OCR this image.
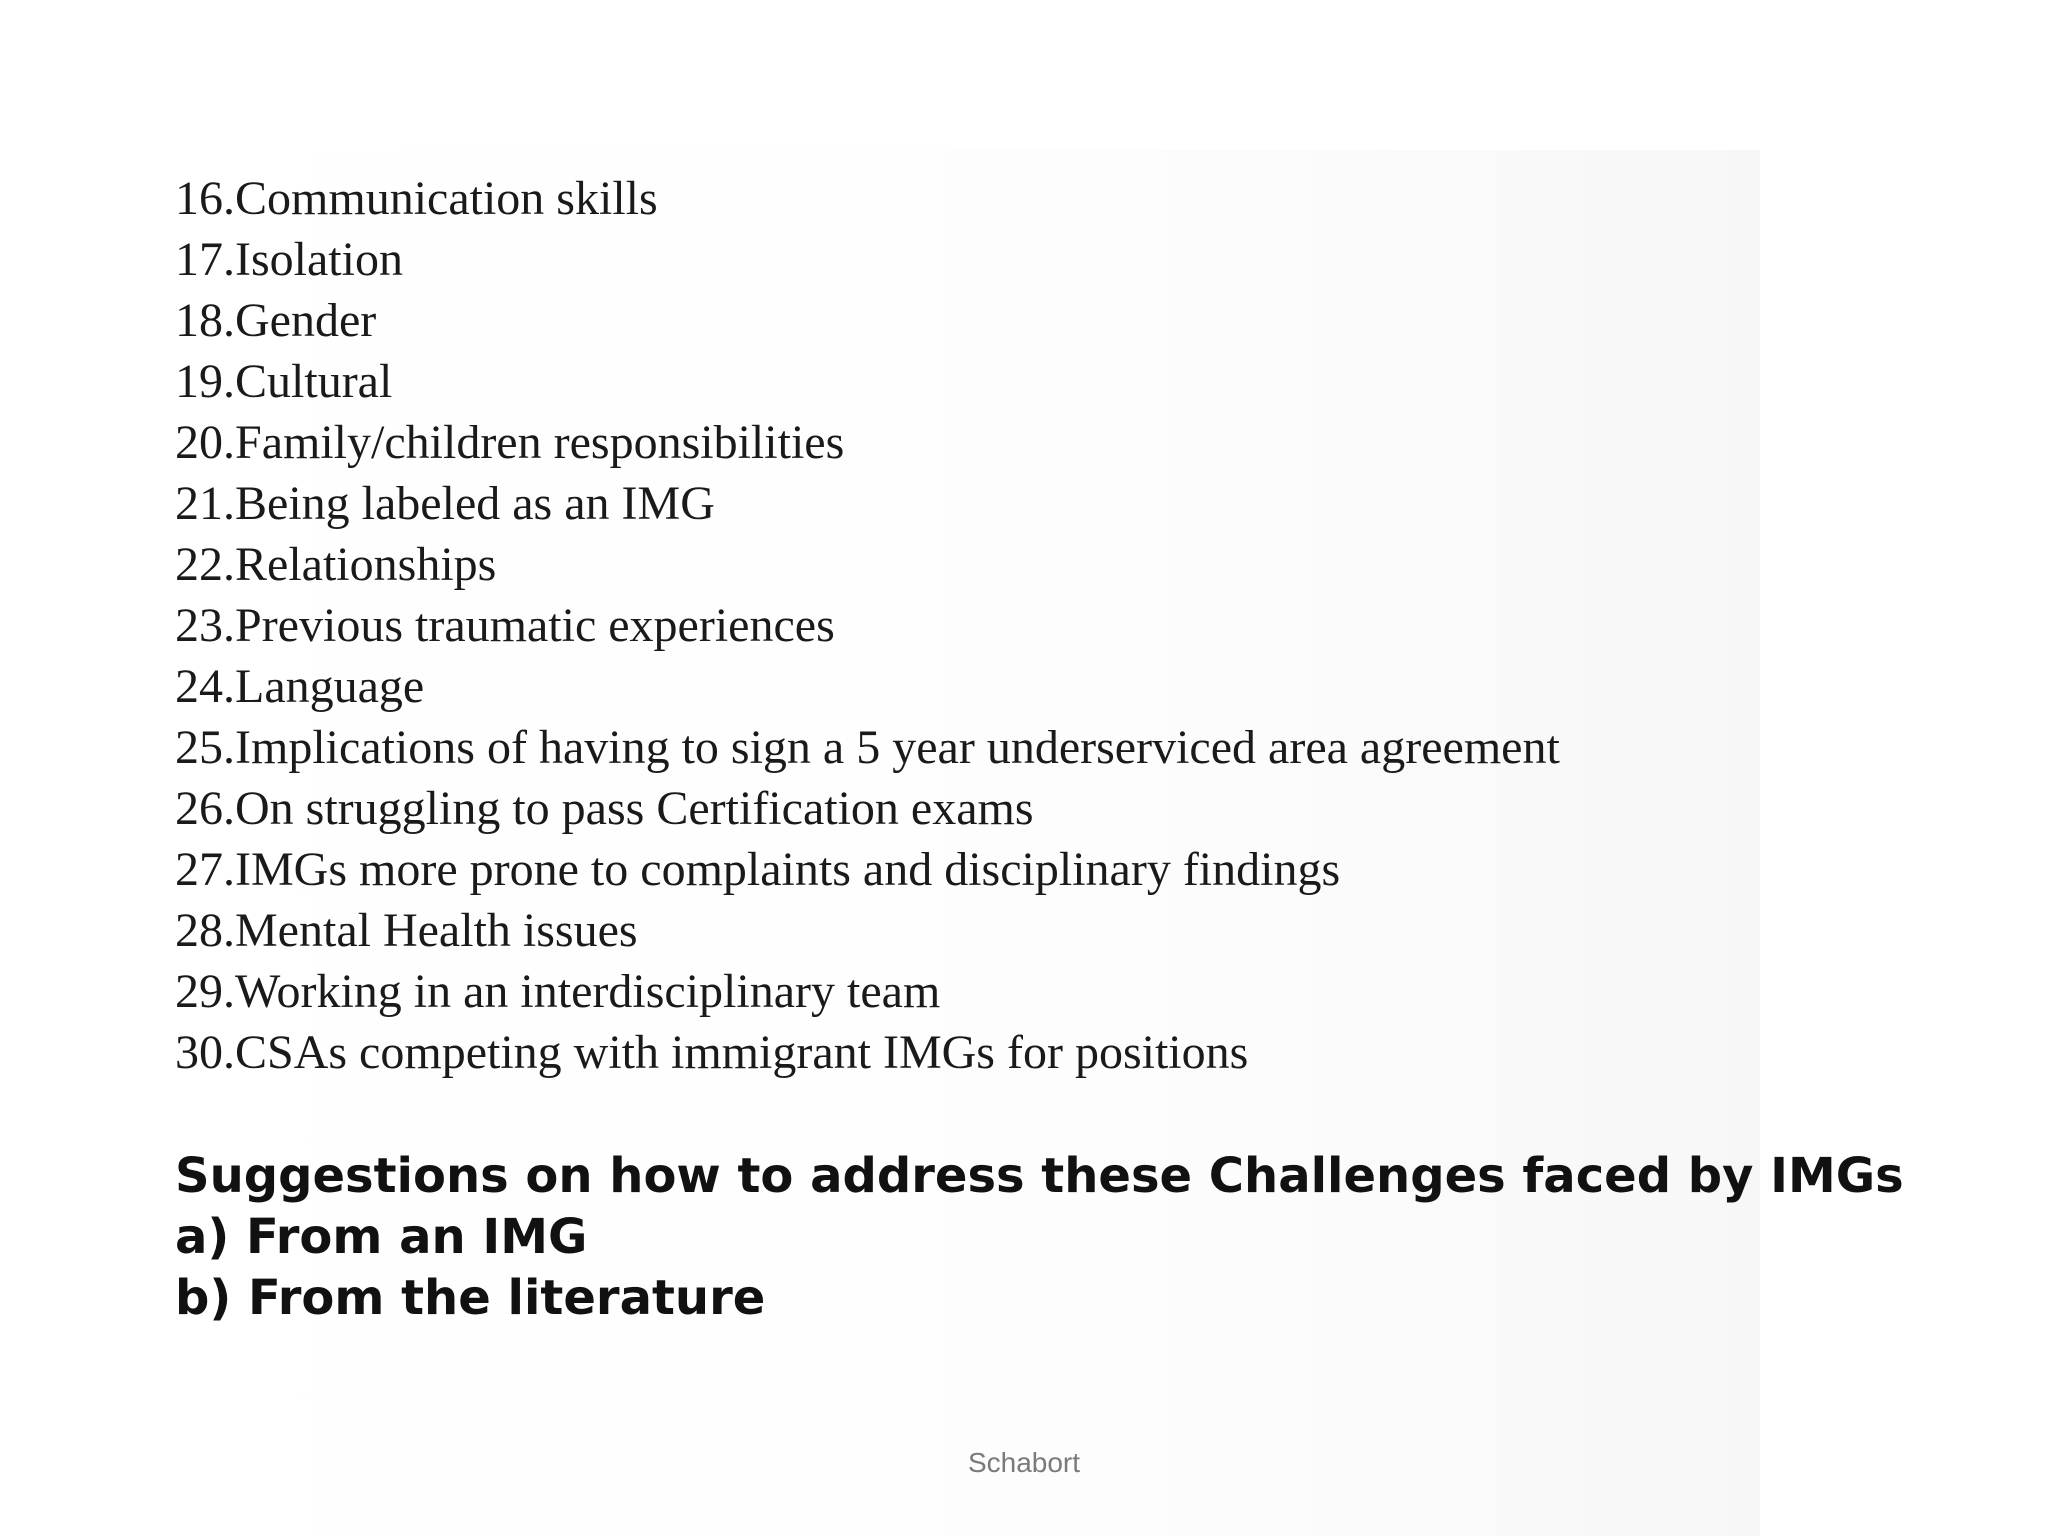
16.Communication skills
17.Isolation
18.Gender
19.Cultural
20.Family/children responsibilities
21.Being labeled as an IMG
22.Relationships
23.Previous traumatic experiences
24.Language
25.Implications of having to sign a 5 year underserviced area agreement
26.On struggling to pass Certification exams
27.IMGs more prone to complaints and disciplinary findings
28.Mental Health issues
29.Working in an interdisciplinary team
30.CSAs competing with immigrant IMGs for positions
Suggestions on how to address these Challenges faced by IMGs
a) From an IMG
b) From the literature
Schabort
